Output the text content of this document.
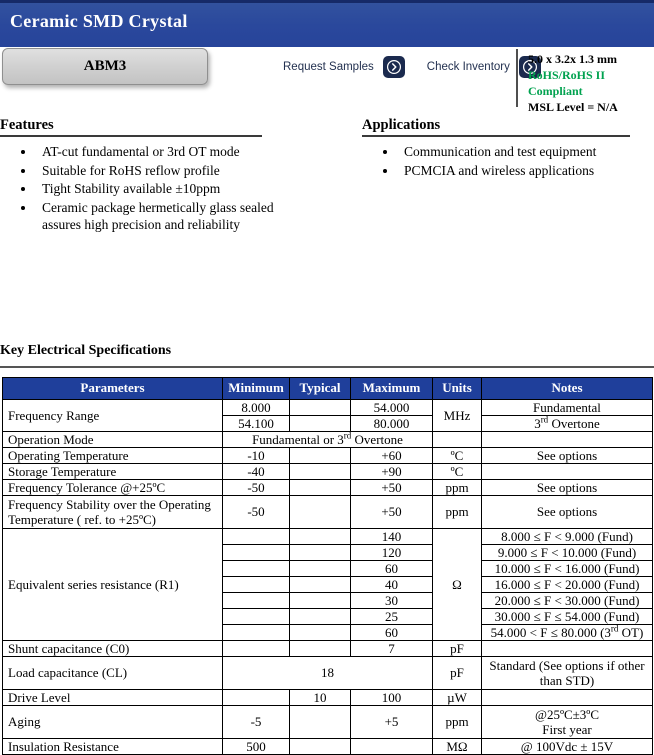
Ceramic SMD Crystal
ABM3	Request Samples	Check Inventory
5.0 x 3.2x 1.3 mm
RoHS/RoHS II Compliant
MSL Level = N/A
Features
• AT-cut fundamental or 3rd OT mode
• Suitable for RoHS reflow profile
• Tight Stability available ±10ppm
• Ceramic package hermetically glass sealed assures high precision and reliability
Applications
• Communication and test equipment
• PCMCIA and wireless applications
Key Electrical Specifications
Parameters	Minimum	Typical	Maximum	Units	Notes
Frequency Range	8.000		54.000	MHz	Fundamental
	54.100		80.000		3rd Overtone
Operation Mode	Fundamental or 3rd Overtone				
Operating Temperature	-10		+60	ºC	See options
Storage Temperature	-40		+90	ºC	
Frequency Tolerance @+25ºC	-50		+50	ppm	See options
Frequency Stability over the Operating Temperature ( ref. to +25ºC)	-50		+50	ppm	See options
Equivalent series resistance (R1)			140	Ω	8.000 ≤ F < 9.000 (Fund)
			120		9.000 ≤ F < 10.000 (Fund)
			60		10.000 ≤ F < 16.000 (Fund)
			40		16.000 ≤ F < 20.000 (Fund)
			30		20.000 ≤ F < 30.000 (Fund)
			25		30.000 ≤ F ≤ 54.000 (Fund)
			60		54.000 < F ≤ 80.000 (3rd OT)
Shunt capacitance (C0)			7	pF	
Load capacitance (CL)	18			pF	Standard (See options if other than STD)
Drive Level		10	100	µW	
Aging	-5		+5	ppm	@25ºC±3ºC
First year

Insulation Resistance	500			MΩ	@ 100Vdc ± 15V
